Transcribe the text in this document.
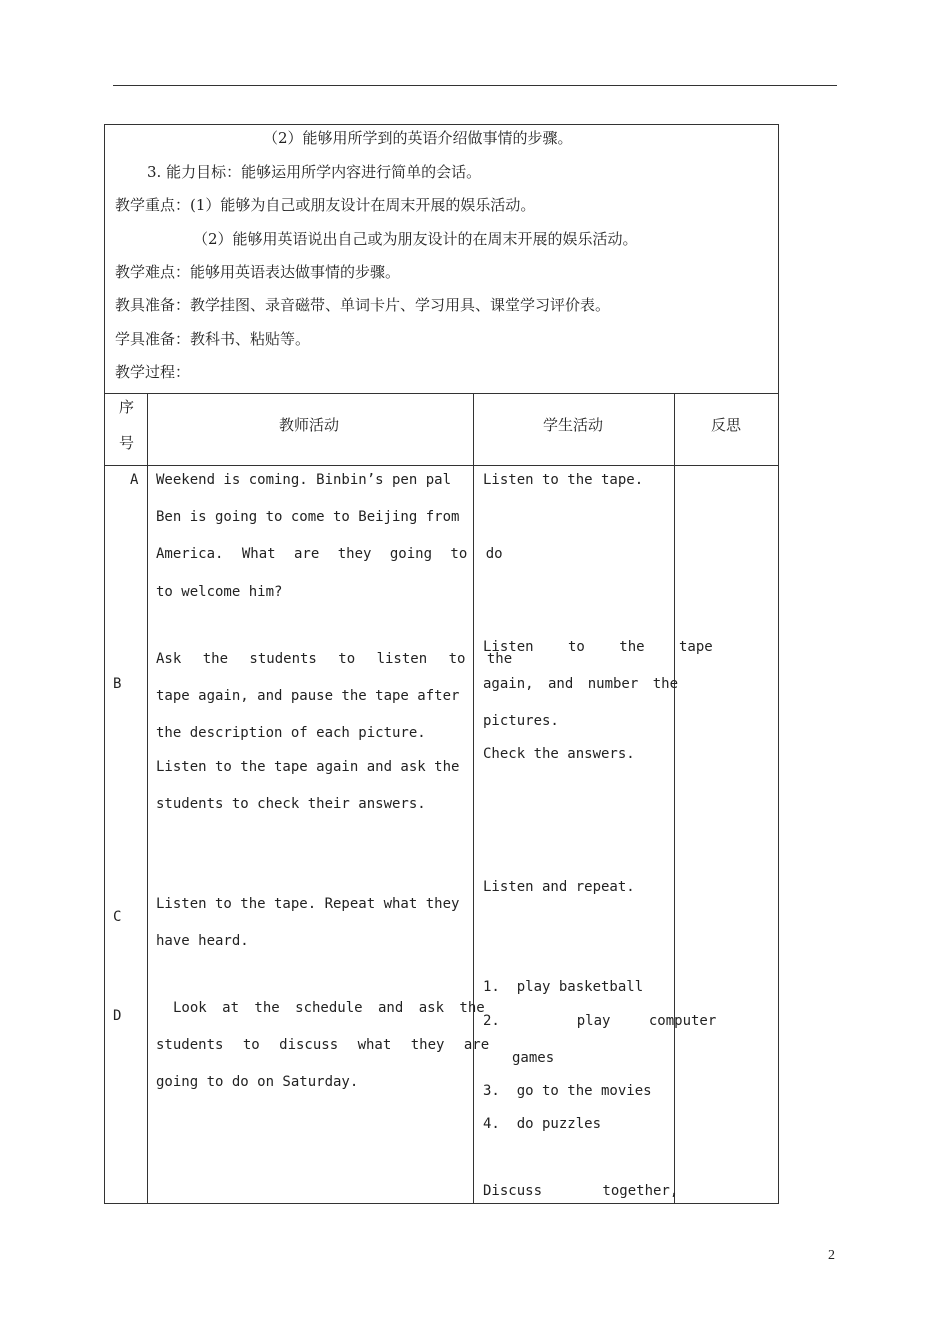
（2）能够用所学到的英语介绍做事情的步骤。
3. 能力目标：能够运用所学内容进行简单的会话。
教学重点：(1）能够为自己或朋友设计在周末开展的娱乐活动。
（2）能够用英语说出自己或为朋友设计的在周末开展的娱乐活动。
教学难点：能够用英语表达做事情的步骤。
教具准备：教学挂图、录音磁带、单词卡片、学习用具、课堂学习评价表。
学具准备：教科书、粘贴等。
教学过程：
序
号
教师活动	学生活动	反思
A
B
C
D
Weekend is coming. Binbin’s pen pal
Ben is going to come to Beijing from
America. What are they going to do
to welcome him?
Ask the students to listen to the
tape again, and pause the tape after
the description of each picture.
Listen to the tape again and ask the
students to check their answers.
Listen to the tape. Repeat what they
have heard.
Look at the schedule and ask the
students to discuss what they are
going to do on Saturday.
Listen to the tape.
Listen to the tape
again, and number the
pictures.
Check the answers.
Listen and repeat.
1.  play basketball
2.  play computer
games
3.  go to the movies
4.  do puzzles
Discuss together,
2
